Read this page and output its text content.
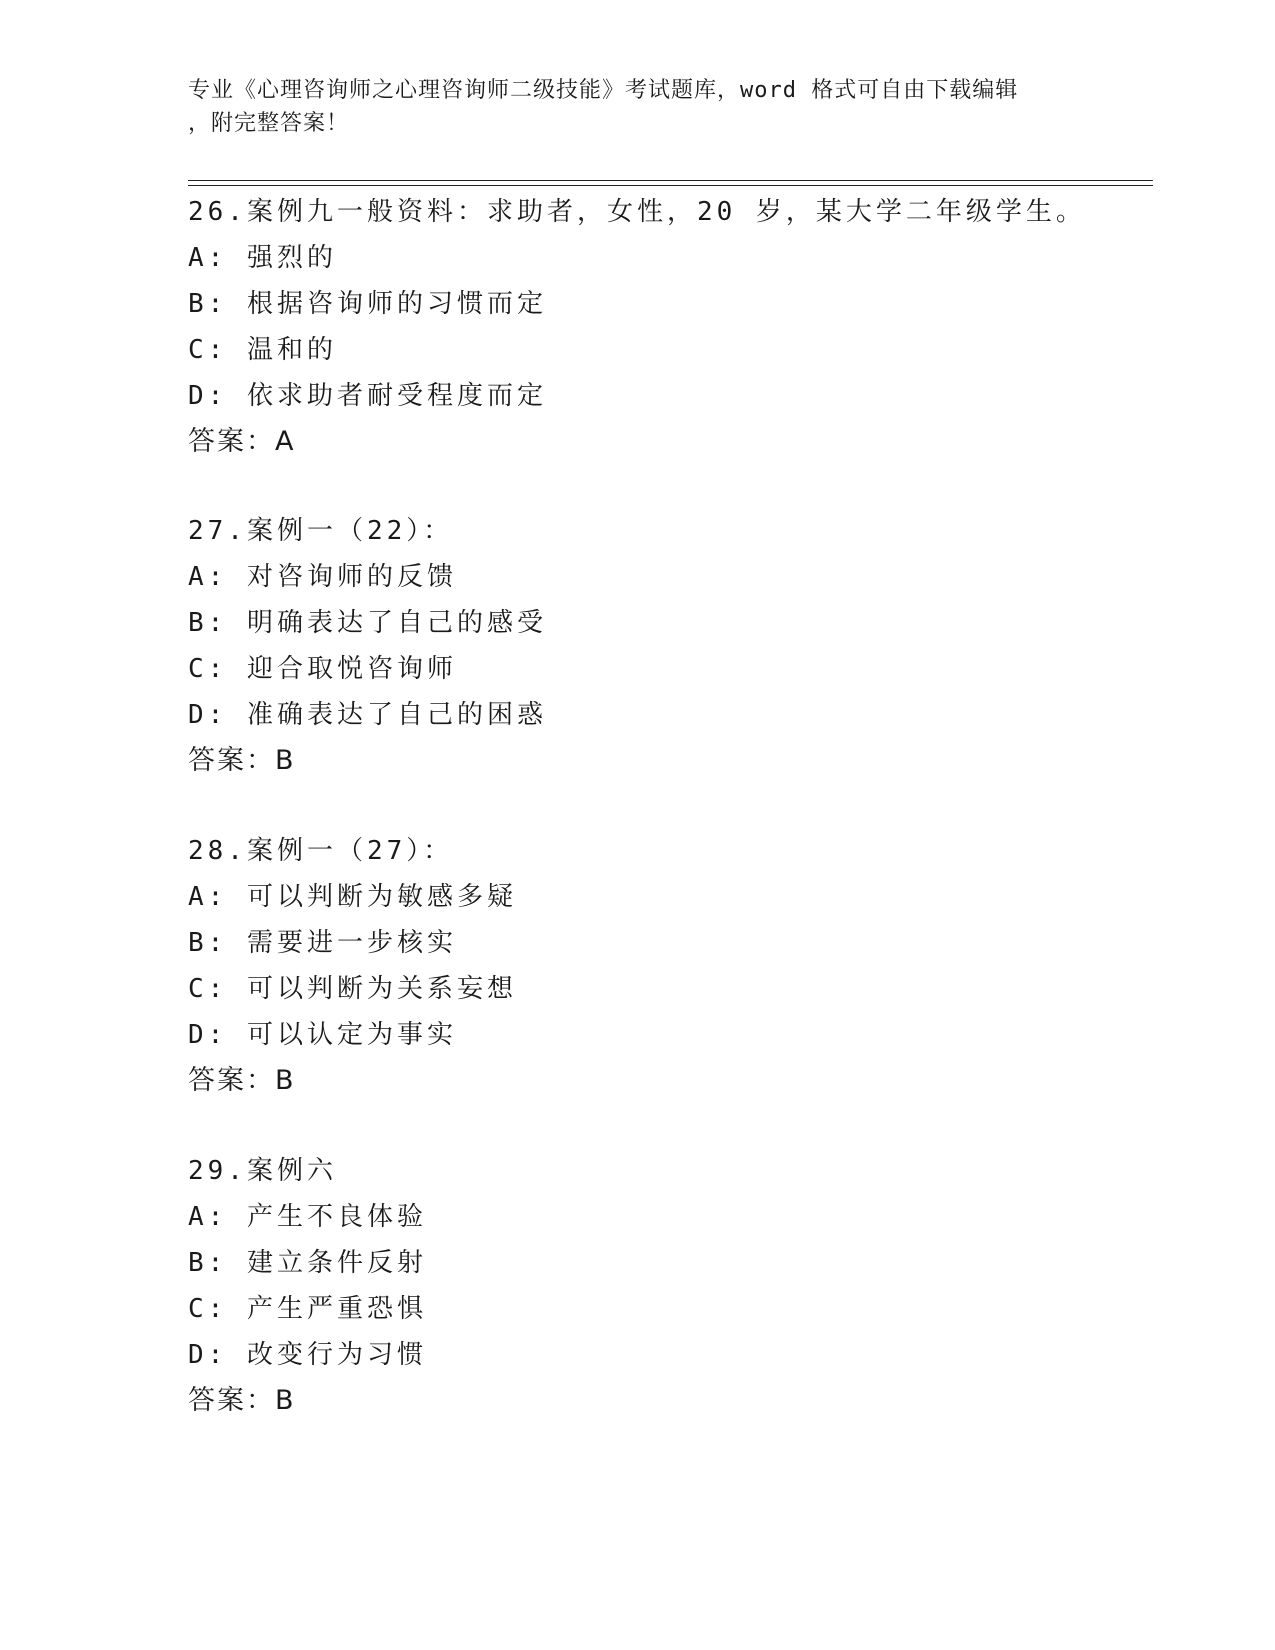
专业《心理咨询师之心理咨询师二级技能》考试题库，word 格式可自由下载编辑
，附完整答案！
26.案例九一般资料：求助者，女性，20 岁，某大学二年级学生。
A: 强烈的
B: 根据咨询师的习惯而定
C: 温和的
D: 依求助者耐受程度而定
答案：A
27.案例一（22）：
A: 对咨询师的反馈
B: 明确表达了自己的感受
C: 迎合取悦咨询师
D: 准确表达了自己的困惑
答案：B
28.案例一（27）：
A: 可以判断为敏感多疑
B: 需要进一步核实
C: 可以判断为关系妄想
D: 可以认定为事实
答案：B
29.案例六
A: 产生不良体验
B: 建立条件反射
C: 产生严重恐惧
D: 改变行为习惯
答案：B
